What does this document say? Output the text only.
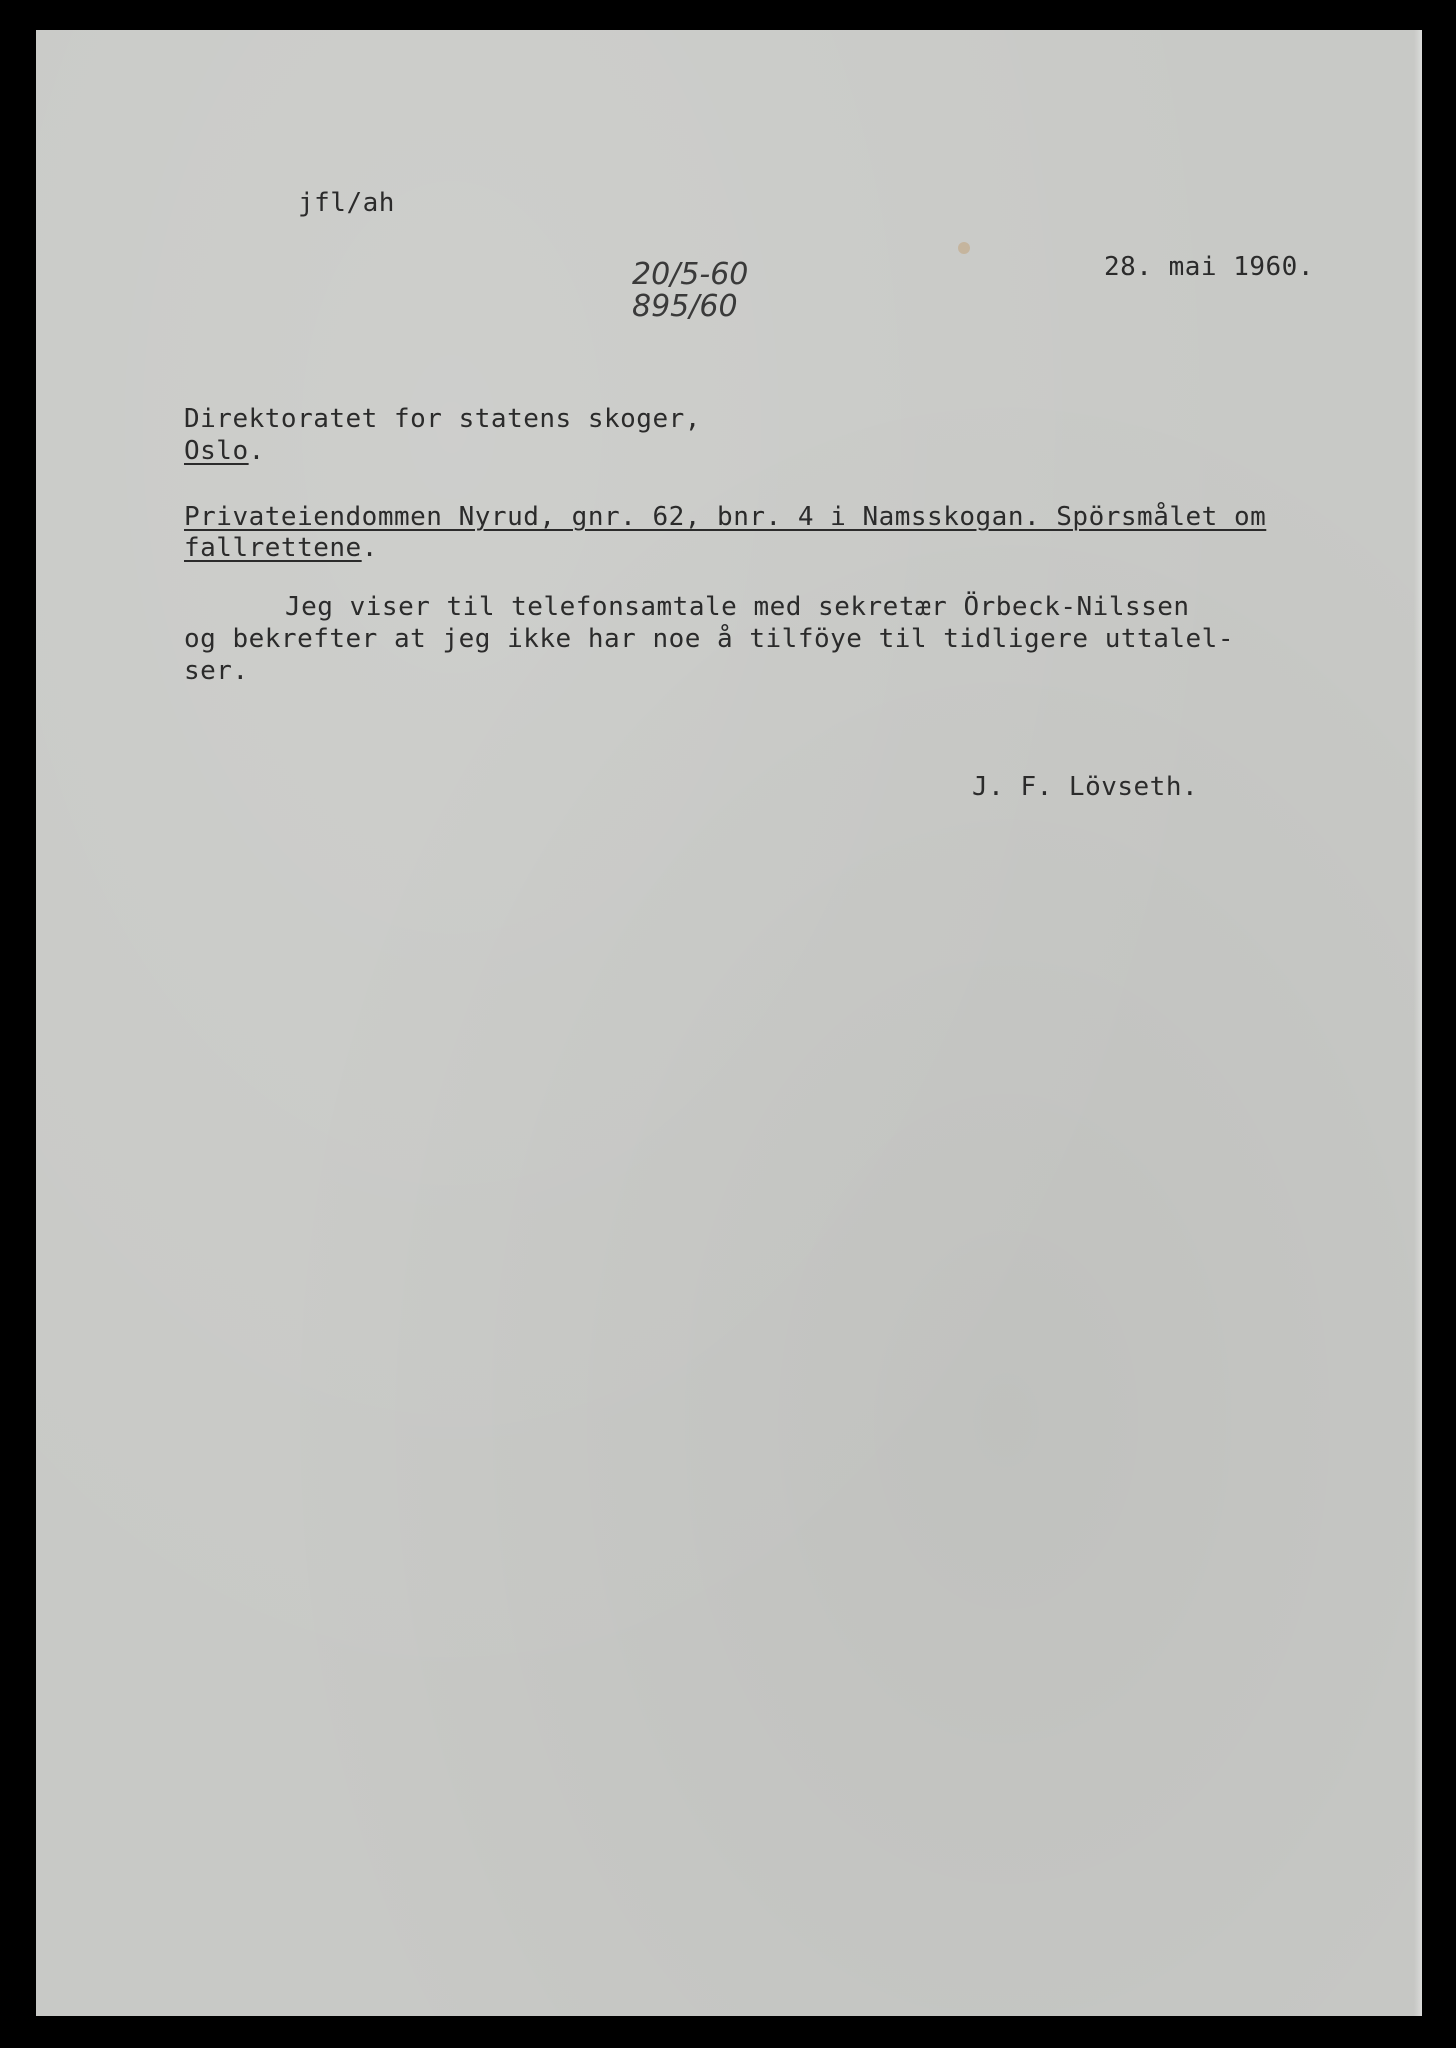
jfl/ah
20/5-60
895/60
28. mai 1960.
Direktoratet for statens skoger,
Oslo.
Privateiendommen Nyrud, gnr. 62, bnr. 4 i Namsskogan. Spörsmålet om
fallrettene.
Jeg viser til telefonsamtale med sekretær Örbeck-Nilssen
og bekrefter at jeg ikke har noe å tilföye til tidligere uttalel-
ser.
J. F. Lövseth.
